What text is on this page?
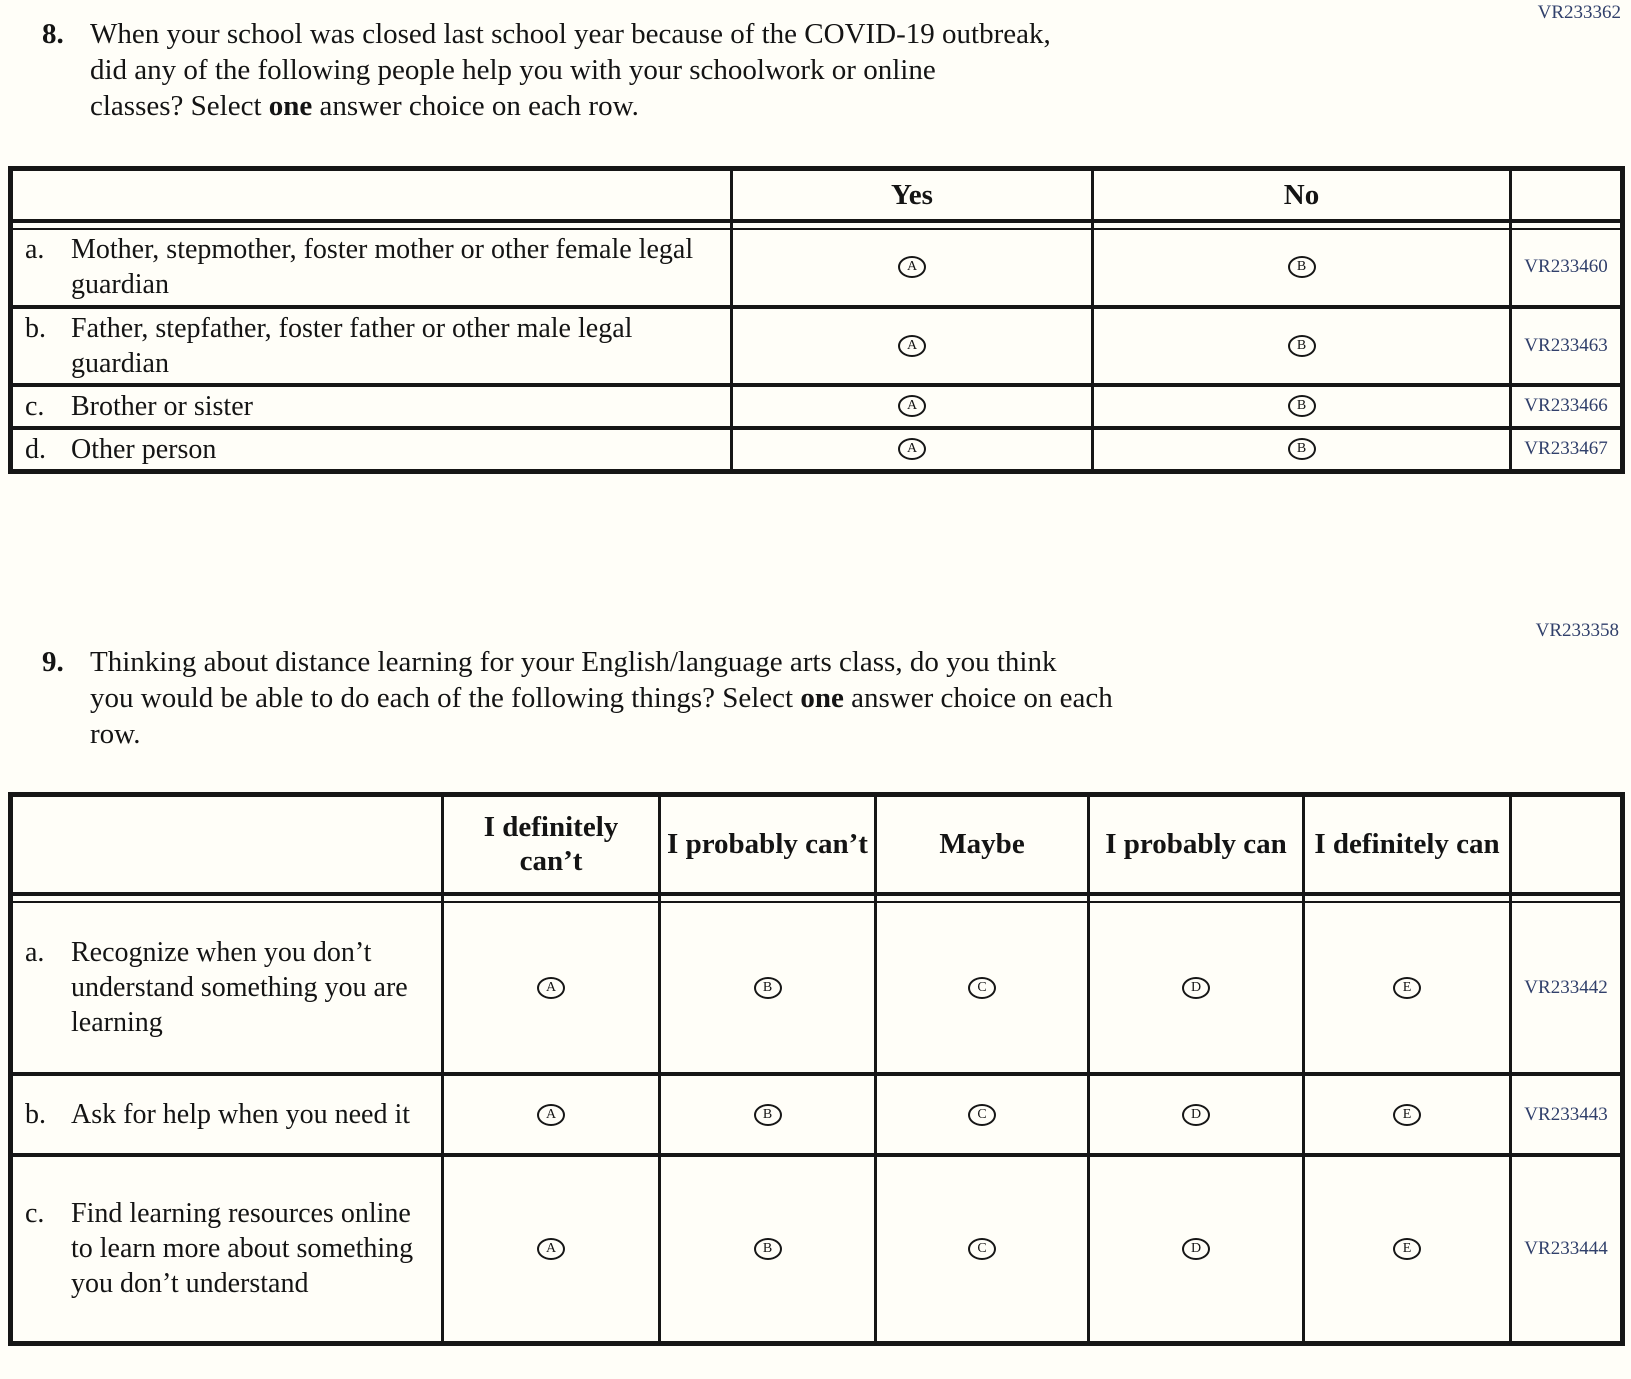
VR233362
8. When your school was closed last school year because of the COVID-19 outbreak,
did any of the following people help you with your schoolwork or online
classes? Select one answer choice on each row.
	Yes	No	

a. Mother, stepmother, foster mother or other female legal guardian	A	B	VR233460

b. Father, stepfather, foster father or other male legal guardian	A	B	VR233463

c. Brother or sister	A	B	VR233466

d. Other person	A	B	VR233467
VR233358
9. Thinking about distance learning for your English/language arts class, do you think
you would be able to do each of the following things? Select one answer choice on each
row.
	I definitely can’t	I probably can’t	Maybe	I probably can	I definitely can	

a. Recognize when you don’t understand something you are learning	A	B	C	D	E	VR233442

b. Ask for help when you need it	A	B	C	D	E	VR233443

c. Find learning resources online to learn more about something you don’t understand	A	B	C	D	E	VR233444
